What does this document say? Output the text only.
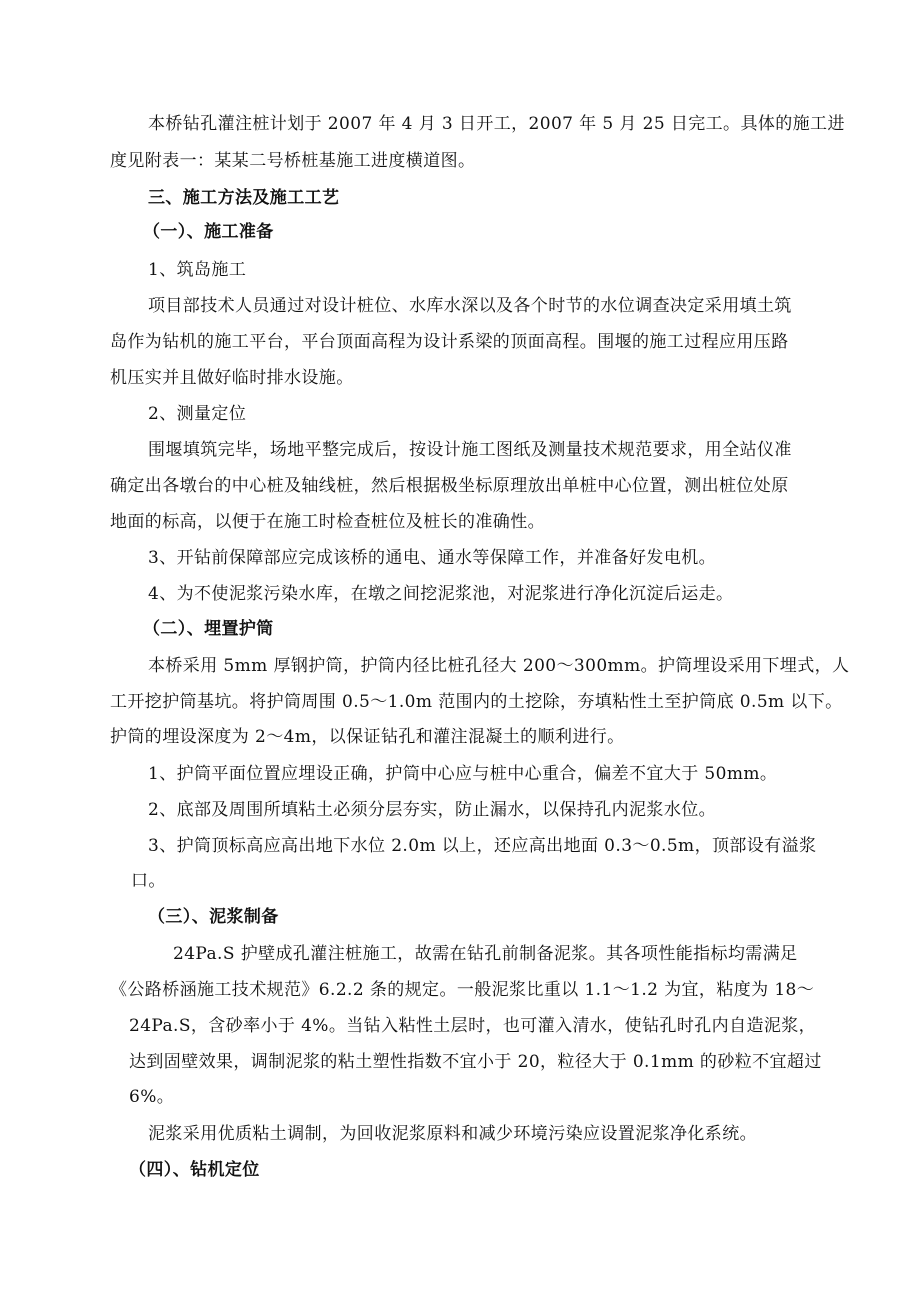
本桥钻孔灌注桩计划于 2007 年 4 月 3 日开工，2007 年 5 月 25 日完工。具体的施工进
度见附表一：某某二号桥桩基施工进度横道图。
三、施工方法及施工工艺
（一）、施工准备
1、筑岛施工
项目部技术人员通过对设计桩位、水库水深以及各个时节的水位调查决定采用填土筑
岛作为钻机的施工平台，平台顶面高程为设计系梁的顶面高程。围堰的施工过程应用压路
机压实并且做好临时排水设施。
2、测量定位
围堰填筑完毕，场地平整完成后，按设计施工图纸及测量技术规范要求，用全站仪准
确定出各墩台的中心桩及轴线桩，然后根据极坐标原理放出单桩中心位置，测出桩位处原
地面的标高，以便于在施工时检查桩位及桩长的准确性。
3、开钻前保障部应完成该桥的通电、通水等保障工作，并准备好发电机。
4、为不使泥浆污染水库，在墩之间挖泥浆池，对泥浆进行净化沉淀后运走。
（二）、埋置护筒
本桥采用 5mm 厚钢护筒，护筒内径比桩孔径大 200～300mm。护筒埋设采用下埋式，人
工开挖护筒基坑。将护筒周围 0.5～1.0m 范围内的土挖除，夯填粘性土至护筒底 0.5m 以下。
护筒的埋设深度为 2～4m，以保证钻孔和灌注混凝土的顺利进行。
1、护筒平面位置应埋设正确，护筒中心应与桩中心重合，偏差不宜大于 50mm。
2、底部及周围所填粘土必须分层夯实，防止漏水，以保持孔内泥浆水位。
3、护筒顶标高应高出地下水位 2.0m 以上，还应高出地面 0.3～0.5m，顶部设有溢浆
口。
（三）、泥浆制备
24Pa.S 护壁成孔灌注桩施工，故需在钻孔前制备泥浆。其各项性能指标均需满足
《公路桥涵施工技术规范》6.2.2 条的规定。一般泥浆比重以 1.1～1.2 为宜，粘度为 18～
24Pa.S，含砂率小于 4%。当钻入粘性土层时，也可灌入清水，使钻孔时孔内自造泥浆，
达到固壁效果，调制泥浆的粘土塑性指数不宜小于 20，粒径大于 0.1mm 的砂粒不宜超过
6%。
泥浆采用优质粘土调制，为回收泥浆原料和减少环境污染应设置泥浆净化系统。
（四）、钻机定位
